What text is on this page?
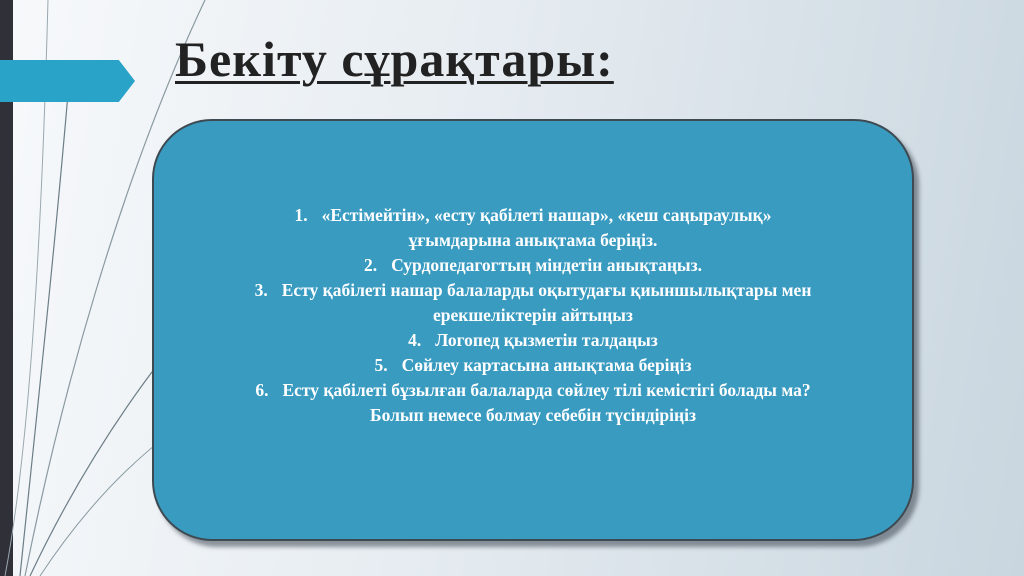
Бекіту сұрақтары:
1. «Естімейтін», «есту қабілеті нашар», «кеш саңыраулық»
ұғымдарына анықтама беріңіз.
2. Сурдопедагогтың міндетін анықтаңыз.
3. Есту қабілеті нашар балаларды оқытудағы қиыншылықтары мен
ерекшеліктерін айтыңыз
4. Логопед қызметін талдаңыз
5. Сөйлеу картасына анықтама беріңіз
6. Есту қабілеті бұзылған балаларда сөйлеу тілі кемістігі болады ма?
Болып немесе болмау себебін түсіндіріңіз
